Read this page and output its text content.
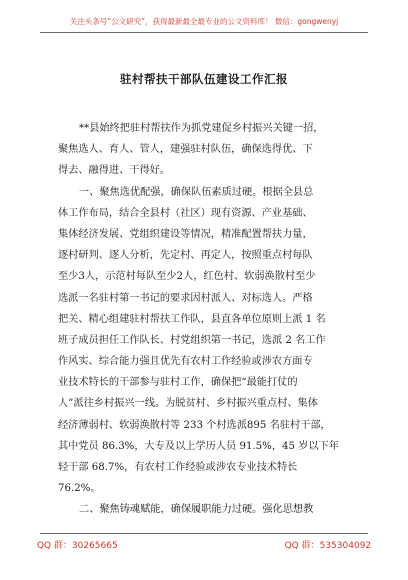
关注头条号“公文研究”，获得最新最全最专业的公文资料库！ 微信：gongwenyj
驻村帮扶干部队伍建设工作汇报
**县始终把驻村帮扶作为抓党建促乡村振兴关键一招，
聚焦选人、育人、管人，建强驻村队伍，确保选得优、下
得去、融得进、干得好。
一、聚焦选优配强，确保队伍素质过硬。根据全县总
体工作布局，结合全县村（社区）现有资源、产业基础、
集体经济发展、党组织建设等情况，精准配置帮扶力量，
逐村研判、逐人分析，先定村、再定人，按照重点村每队
至少3人，示范村每队至少2人，红色村、软弱涣散村至少
选派一名驻村第一书记的要求因村派人、对标选人。严格
把关、精心组建驻村帮扶工作队，县直各单位原则上派 1 名
班子成员担任工作队长、村党组织第一书记，选派 2 名工作
作风实、综合能力强且优先有农村工作经验或涉农方面专
业技术特长的干部参与驻村工作，确保把“最能打仗的
人”派往乡村振兴一线。为脱贫村、乡村振兴重点村、集体
经济薄弱村、软弱涣散村等 233 个村选派895 名驻村干部，
其中党员 86.3%，大专及以上学历人员 91.5%，45 岁以下年
轻干部 68.7%，有农村工作经验或涉农专业技术特长
76.2%。
二、聚焦铸魂赋能，确保履职能力过硬。强化思想教
QQ 群：30265665	QQ 群：535304092
